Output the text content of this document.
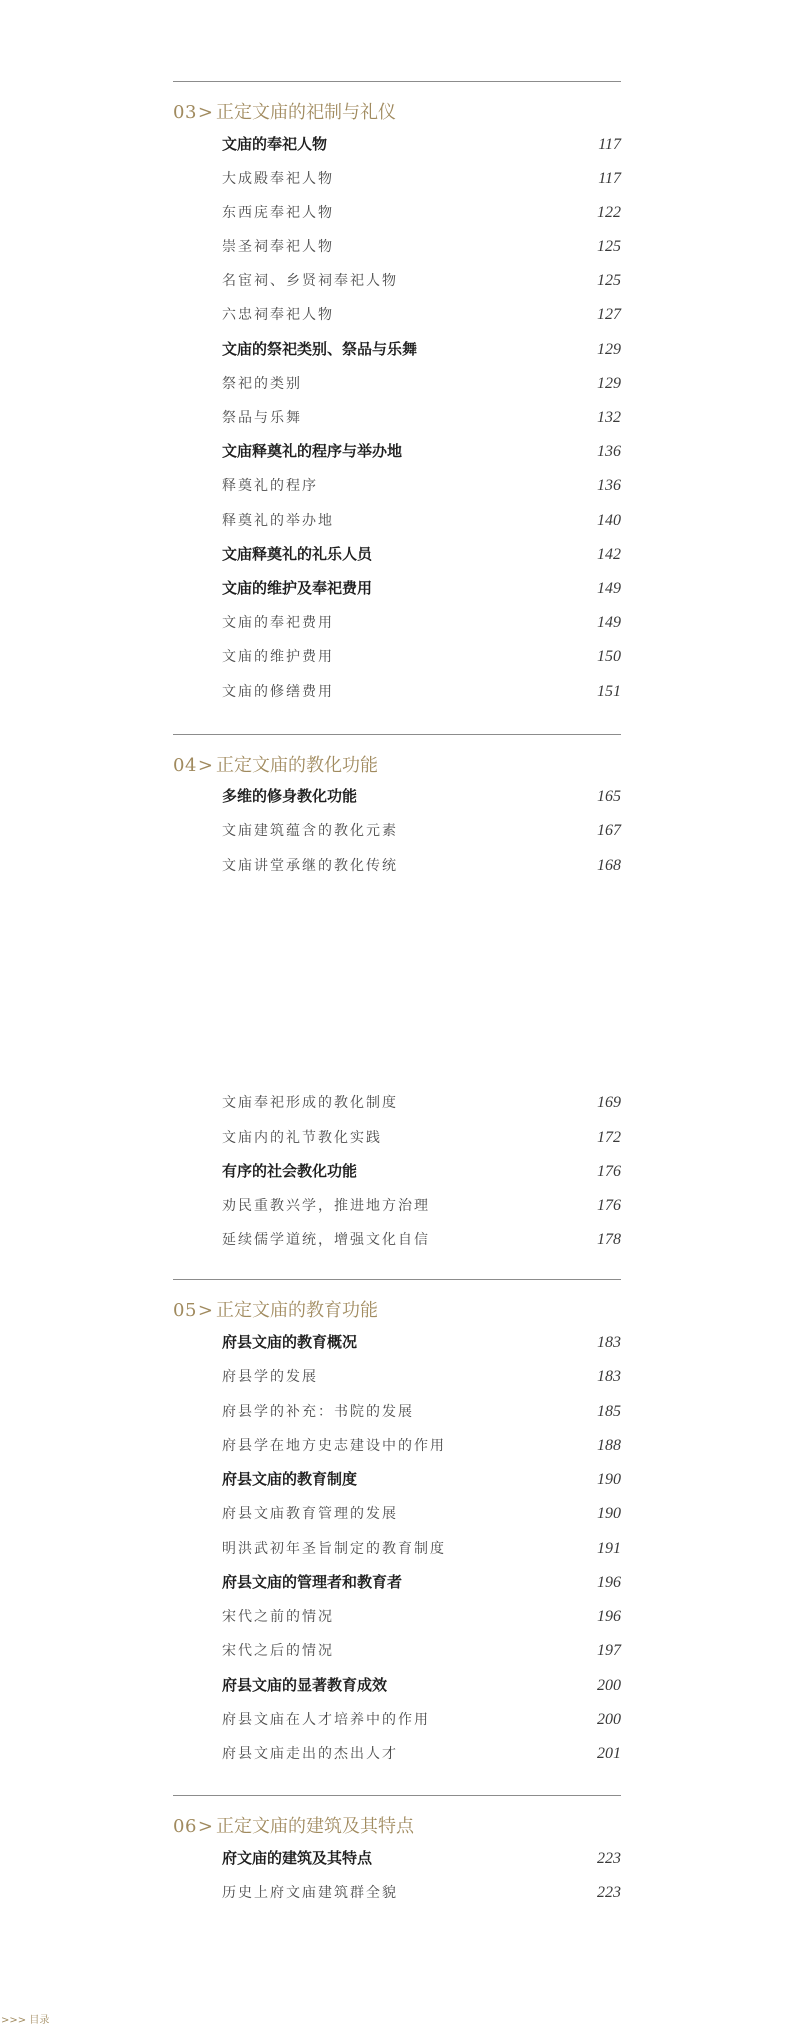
03> 正定文庙的祀制与礼仪
文庙的奉祀人物	117
大成殿奉祀人物	117
东西庑奉祀人物	122
崇圣祠奉祀人物	125
名宦祠、乡贤祠奉祀人物	125
六忠祠奉祀人物	127
文庙的祭祀类别、祭品与乐舞	129
祭祀的类别	129
祭品与乐舞	132
文庙释奠礼的程序与举办地	136
释奠礼的程序	136
释奠礼的举办地	140
文庙释奠礼的礼乐人员	142
文庙的维护及奉祀费用	149
文庙的奉祀费用	149
文庙的维护费用	150
文庙的修缮费用	151
04> 正定文庙的教化功能
多维的修身教化功能	165
文庙建筑蕴含的教化元素	167
文庙讲堂承继的教化传统	168
文庙奉祀形成的教化制度	169
文庙内的礼节教化实践	172
有序的社会教化功能	176
劝民重教兴学，推进地方治理	176
延续儒学道统，增强文化自信	178
05> 正定文庙的教育功能
府县文庙的教育概况	183
府县学的发展	183
府县学的补充：书院的发展	185
府县学在地方史志建设中的作用	188
府县文庙的教育制度	190
府县文庙教育管理的发展	190
明洪武初年圣旨制定的教育制度	191
府县文庙的管理者和教育者	196
宋代之前的情况	196
宋代之后的情况	197
府县文庙的显著教育成效	200
府县文庙在人才培养中的作用	200
府县文庙走出的杰出人才	201
06> 正定文庙的建筑及其特点
府文庙的建筑及其特点	223
历史上府文庙建筑群全貌	223
>>> 目录
